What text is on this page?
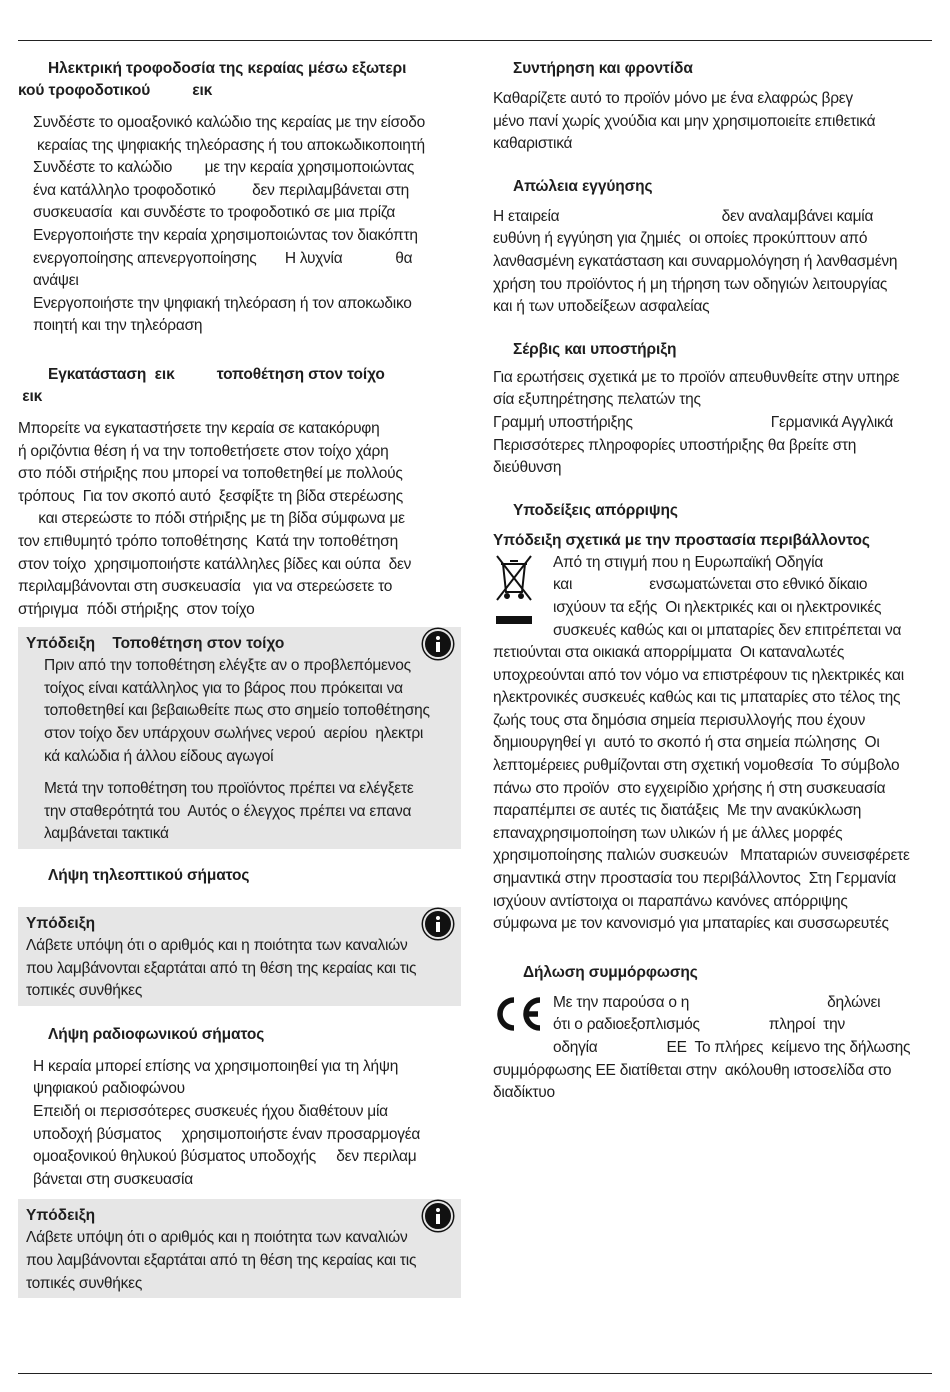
Ηλεκτρική τροφοδοσία της κεραίας μέσω εξωτερι
κού τροφοδοτικού          εικ

Συνδέστε το ομοαξονικό καλώδιο της κεραίας με την είσοδο

κεραίας της ψηφιακής τηλεόρασης ή του αποκωδικοποιητή

Συνδέστε το καλώδιο        με την κεραία χρησιμοποιώντας

ένα κατάλληλο τροφοδοτικό         δεν περιλαμβάνεται στη

συσκευασία  και συνδέστε το τροφοδοτικό σε μια πρίζα

Ενεργοποιήστε την κεραία χρησιμοποιώντας τον διακόπτη

ενεργοποίησης απενεργοποίησης       Η λυχνία             θα

ανάψει

Ενεργοποιήστε την ψηφιακή τηλεόραση ή τον αποκωδικο

ποιητή και την τηλεόραση

Εγκατάσταση  εικ          τοποθέτηση στον τοίχο
εικ

Μπορείτε να εγκαταστήσετε την κεραία σε κατακόρυφη

ή οριζόντια θέση ή να την τοποθετήσετε στον τοίχο χάρη

στο πόδι στήριξης που μπορεί να τοποθετηθεί με πολλούς

τρόπους  Για τον σκοπό αυτό  ξεσφίξτε τη βίδα στερέωσης

και στερεώστε το πόδι στήριξης με τη βίδα σύμφωνα με

τον επιθυμητό τρόπο τοποθέτησης  Κατά την τοποθέτηση

στον τοίχο  χρησιμοποιήστε κατάλληλες βίδες και ούπα  δεν

περιλαμβάνονται στη συσκευασία   για να στερεώσετε το

στήριγμα  πόδι στήριξης  στον τοίχο

Υπόδειξη    Τοποθέτηση στον τοίχο

Πριν από την τοποθέτηση ελέγξτε αν ο προβλεπόμενος

τοίχος είναι κατάλληλος για το βάρος που πρόκειται να

τοποθετηθεί και βεβαιωθείτε πως στο σημείο τοποθέτησης

στον τοίχο δεν υπάρχουν σωλήνες νερού  αερίου  ηλεκτρι

κά καλώδια ή άλλου είδους αγωγοί

Μετά την τοποθέτηση του προϊόντος πρέπει να ελέγξετε

την σταθερότητά του  Αυτός ο έλεγχος πρέπει να επανα

λαμβάνεται τακτικά

Λήψη τηλεοπτικού σήματος
Υπόδειξη

Λάβετε υπόψη ότι ο αριθμός και η ποιότητα των καναλιών

που λαμβάνονται εξαρτάται από τη θέση της κεραίας και τις

τοπικές συνθήκες

Λήψη ραδιοφωνικού σήματος

Η κεραία μπορεί επίσης να χρησιμοποιηθεί για τη λήψη

ψηφιακού ραδιοφώνου

Επειδή οι περισσότερες συσκευές ήχου διαθέτουν μία

υποδοχή βύσματος     χρησιμοποιήστε έναν προσαρμογέα

ομοαξονικού θηλυκού βύσματος υποδοχής     δεν περιλαμ

βάνεται στη συσκευασία

Υπόδειξη

Λάβετε υπόψη ότι ο αριθμός και η ποιότητα των καναλιών

που λαμβάνονται εξαρτάται από τη θέση της κεραίας και τις

τοπικές συνθήκες

Συντήρηση και φροντίδα

Καθαρίζετε αυτό το προϊόν μόνο με ένα ελαφρώς βρεγ

μένο πανί χωρίς χνούδια και μην χρησιμοποιείτε επιθετικά

καθαριστικά

Απώλεια εγγύησης

Η εταιρεία                                        δεν αναλαμβάνει καμία

ευθύνη ή εγγύηση για ζημιές  οι οποίες προκύπτουν από

λανθασμένη εγκατάσταση και συναρμολόγηση ή λανθασμένη

χρήση του προϊόντος ή μη τήρηση των οδηγιών λειτουργίας

και ή των υποδείξεων ασφαλείας

Σέρβις και υποστήριξη

Για ερωτήσεις σχετικά με το προϊόν απευθυνθείτε στην υπηρε

σία εξυπηρέτησης πελατών της

Γραμμή υποστήριξης                                  Γερμανικά Αγγλικά

Περισσότερες πληροφορίες υποστήριξης θα βρείτε στη

διεύθυνση

Υποδείξεις απόρριψης
Υπόδειξη σχετικά με την προστασία περιβάλλοντος

Από τη στιγμή που η Ευρωπαϊκή Οδηγία

και                   ενσωματώνεται στο εθνικό δίκαιο

ισχύουν τα εξής  Οι ηλεκτρικές και οι ηλεκτρονικές

συσκευές καθώς και οι μπαταρίες δεν επιτρέπεται να

πετιούνται στα οικιακά απορρίμματα  Οι καταναλωτές

υποχρεούνται από τον νόμο να επιστρέφουν τις ηλεκτρικές και

ηλεκτρονικές συσκευές καθώς και τις μπαταρίες στο τέλος της

ζωής τους στα δημόσια σημεία περισυλλογής που έχουν

δημιουργηθεί γι  αυτό το σκοπό ή στα σημεία πώλησης  Οι

λεπτομέρειες ρυθμίζονται στη σχετική νομοθεσία  Το σύμβολο

πάνω στο προϊόν  στο εγχειρίδιο χρήσης ή στη συσκευασία

παραπέμπει σε αυτές τις διατάξεις  Με την ανακύκλωση

επαναχρησιμοποίηση των υλικών ή με άλλες μορφές

χρησιμοποίησης παλιών συσκευών   Μπαταριών συνεισφέρετε

σημαντικά στην προστασία του περιβάλλοντος  Στη Γερμανία

ισχύουν αντίστοιχα οι παραπάνω κανόνες απόρριψης

σύμφωνα με τον κανονισμό για μπαταρίες και συσσωρευτές

Δήλωση συμμόρφωσης

Με την παρούσα ο η                                  δηλώνει

ότι ο ραδιοεξοπλισμός                 πληροί  την

οδηγία                 ΕΕ  Το πλήρες  κείμενο της δήλωσης

συμμόρφωσης ΕΕ διατίθεται στην  ακόλουθη ιστοσελίδα στο

διαδίκτυο
